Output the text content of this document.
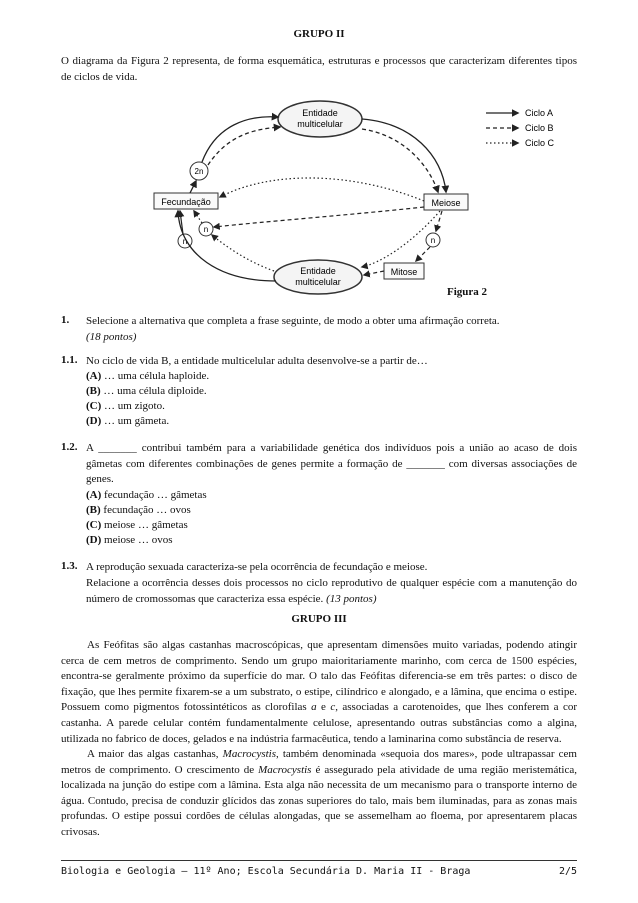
GRUPO II
O diagrama da Figura 2 representa, de forma esquemática, estruturas e processos que caracterizam diferentes tipos de ciclos de vida.
Entidade
multicelular
Entidade
multicelular
Fecundação	Meiose
Mitose
2n
n
n	n
Ciclo A
Ciclo B
Ciclo C
Figura 2
1. Selecione a alternativa que completa a frase seguinte, de modo a obter uma afirmação correta.
(18 pontos)
1.1. No ciclo de vida B, a entidade multicelular adulta desenvolve-se a partir de…
(A) … uma célula haploide.
(B) … uma célula diploide.
(C) … um zigoto.
(D) … um gâmeta.
1.2. A _______ contribui também para a variabilidade genética dos indivíduos pois a união ao acaso de dois gâmetas com diferentes combinações de genes permite a formação de _______ com diversas associações de genes.
(A) fecundação … gâmetas
(B) fecundação … ovos
(C) meiose … gâmetas
(D) meiose … ovos
1.3. A reprodução sexuada caracteriza-se pela ocorrência de fecundação e meiose.
Relacione a ocorrência desses dois processos no ciclo reprodutivo de qualquer espécie com a manutenção do número de cromossomas que caracteriza essa espécie. (13 pontos)
GRUPO III
As Feófitas são algas castanhas macroscópicas, que apresentam dimensões muito variadas, podendo atingir cerca de cem metros de comprimento. Sendo um grupo maioritariamente marinho, com cerca de 1500 espécies, encontra-se geralmente próximo da superfície do mar. O talo das Feófitas diferencia-se em três partes: o disco de fixação, que lhes permite fixarem-se a um substrato, o estipe, cilíndrico e alongado, e a lâmina, que encima o estipe. Possuem como pigmentos fotossintéticos as clorofilas a e c, associadas a carotenoides, que lhes conferem a cor castanha. A parede celular contém fundamentalmente celulose, apresentando outras substâncias como a algina, utilizada no fabrico de doces, gelados e na indústria farmacêutica, tendo a laminarina como substância de reserva.
A maior das algas castanhas, Macrocystis, também denominada «sequoia dos mares», pode ultrapassar cem metros de comprimento. O crescimento de Macrocystis é assegurado pela atividade de uma região meristemática, localizada na junção do estipe com a lâmina. Esta alga não necessita de um mecanismo para o transporte interno de água. Contudo, precisa de conduzir glícidos das zonas superiores do talo, mais bem iluminadas, para as zonas mais profundas. O estipe possui cordões de células alongadas, que se assemelham ao floema, por apresentarem placas crivosas.
Biologia e Geologia – 11º Ano; Escola Secundária D. Maria II - Braga	2/5
